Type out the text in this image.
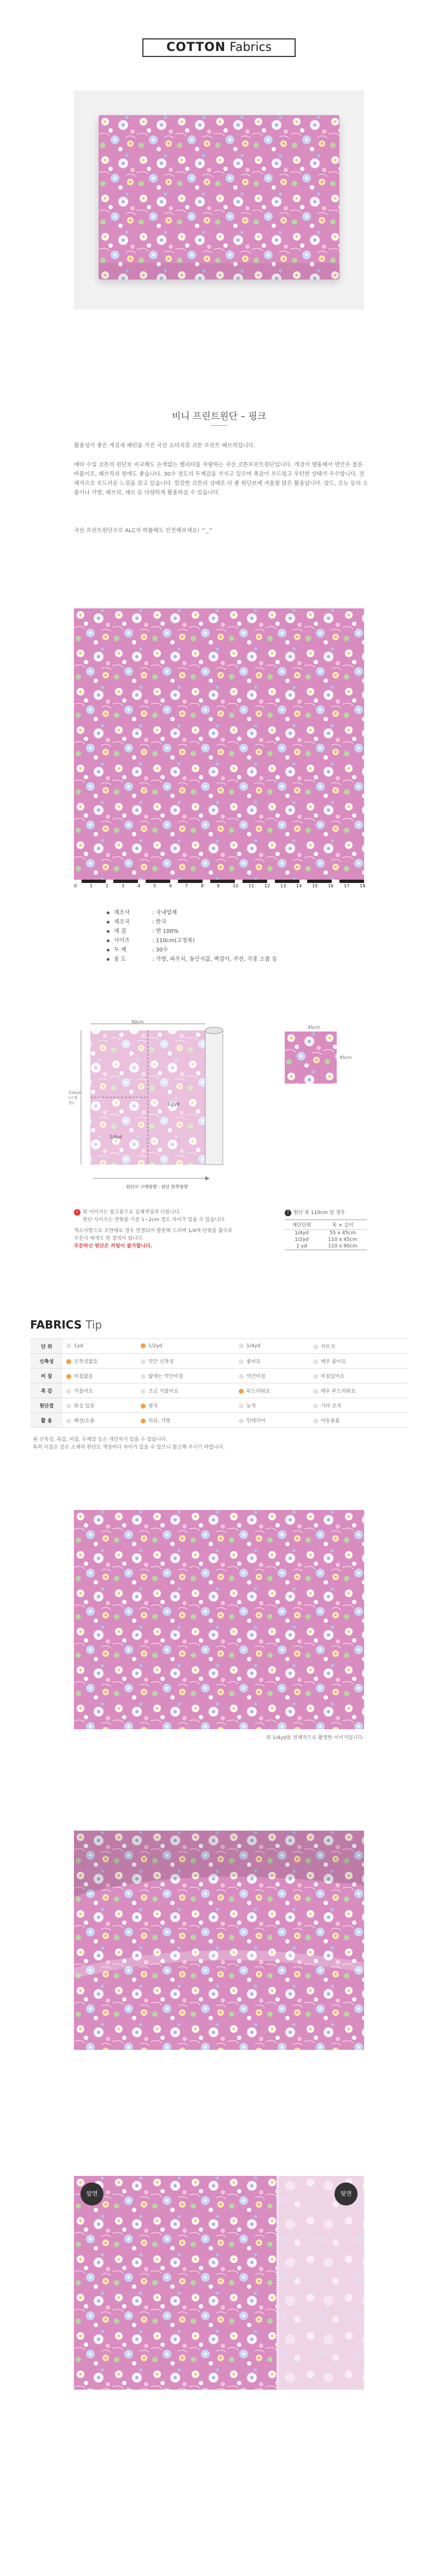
COTTON Fabrics
비니 프린트원단 – 핑크
활용성이 좋은 게검새 패턴을 가진 국산 쇼타지갖 코튼 프린트 패브릭입니다.
예타 수입 코튼의 원단보 비교해도 손색없는 헬리티를 자랑하는 국산 코튼프린트원단입니다. 게검이 탱통해서 면안은 물론 바불이로, 패브릭의 원에도 좋습니다. 30수 정도의 두께감을 가지고 있으며 촉감이 부드럽고 우턴한 상태가 우수합니다. 전체적으로 부드러운 느낌을 갖고 있습니다. 깔끔한 코튼의 성태로 다 좋 원단보에 저울릴 맑은 활용납니다. 앞도, 로뉴 등의 소품이나 가방, 패브릭, 채르 등 다양하게 활용하실 수 있습니다.
국산 프린트원단으로 ALC자 하뚫해도 안전해보세요! ^_^
0	1	2	3	4	5	6	7	8	9	10 11 12 13 14 15 16 17 18
제조사	: 국내업체
제조국	: 한국
재 질	: 면 100%
사이즈	: 110cm(고정폭)
두 께	: 30수
용 도	: 가방, 파우치, 동인지값, 벽걸이, 쿠션, 각종 소품 등
90cm
110cm (고정폭)	1/2yd
1/4yd
원단이 구매방향 : 원단 한쪽방향
45cm
45cm
! 위 이미지는 참고용으로 실제색상과 다릅니다.
원단 사이즈는 전원봉 기준 1~2cm 정도 차이가 있을 수 있습니다.
색소사항으로 조만에요 경우 연결되어 발송해 드리며 1/4에 단위를 출수로 주문시 애색으 한 결적이 됩니다.
주문하신 원단은 커팅이 불가합니다.
! 원단 폭 110cm 일 경우
재단단위	폭 × 길이
1/4yd	55 x 45cm
1/2yd	110 x 45cm
1 yd	110 x 90cm
FABRICS Tip
단 위	1yd	1/2yd	1/4yd	커트지
신축성	신축성없음	약간 신축성	좋아요	매우 좋아요
비 침	비침없음	얇게는 약간비침	약간비침	비침있어요
촉 감	거칠어요	조금 거칠어요	부드러워요	매우 부드러워요
원단결	워싱 있음	평직	능직	기타 조직
활 용	패션/소품	의류, 가방	인테리어	아동용품
위 신축성, 촉감, 비침, 두께감 등은 개인차가 있을 수 있습니다.
특히 비침은 같은 소재라 원단도 색상마다 차이가 있을 수 있으니 참고해 주시기 바랍니다.
위 1/4yd를 전체적으로 촬영한 이미지입니다.
앞면	뒷면
